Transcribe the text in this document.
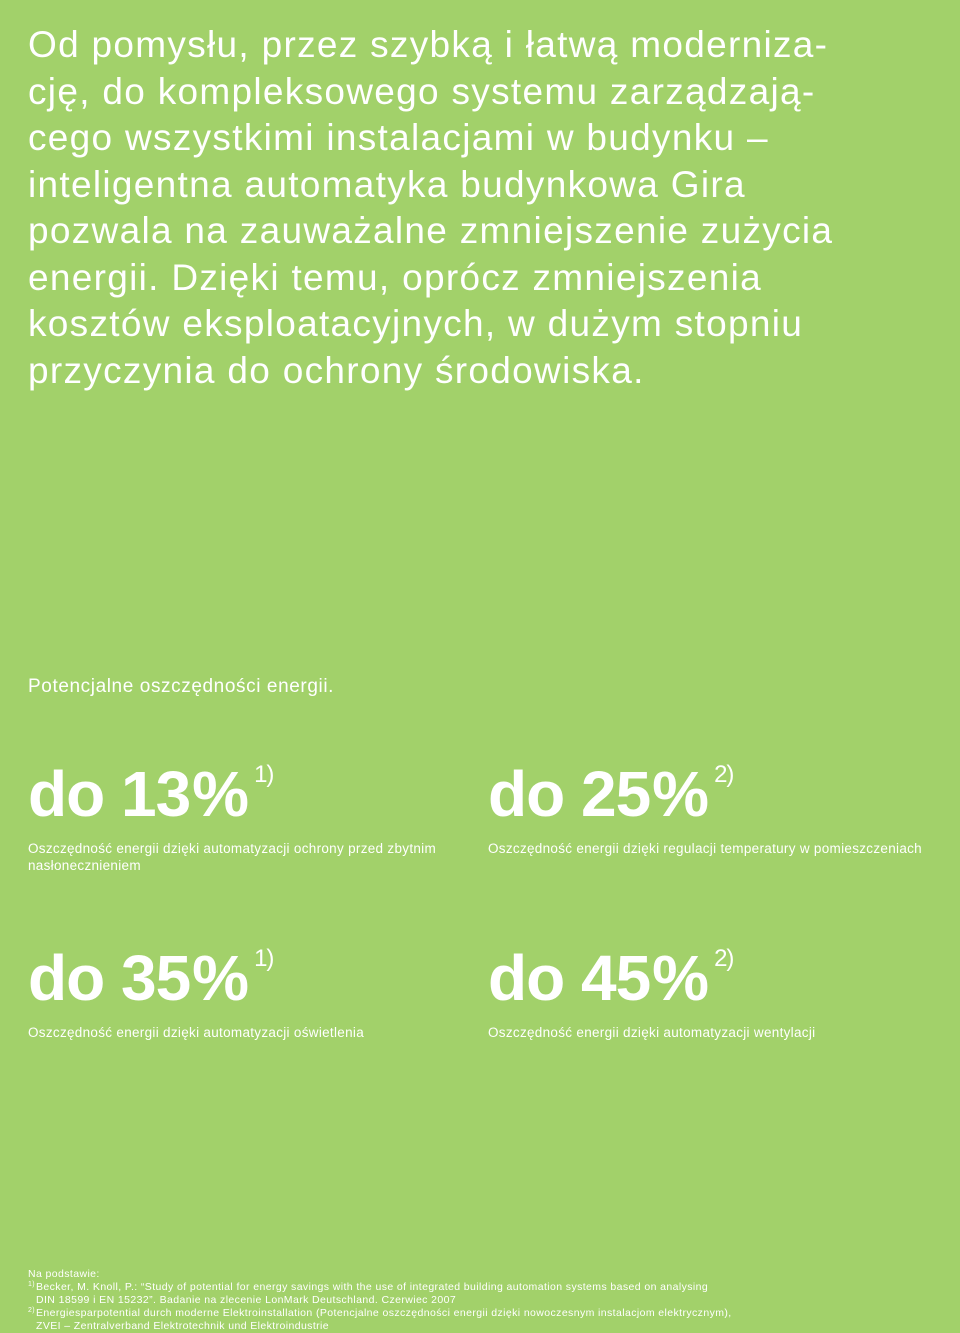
Od pomysłu, przez szybką i łatwą moderniza-
cję, do kompleksowego systemu zarządzają-
cego wszystkimi instalacjami w budynku –
inteligentna automatyka budynkowa Gira
pozwala na zauważalne zmniejszenie zużycia
energii. Dzięki temu, oprócz zmniejszenia
kosztów eksploatacyjnych, w dużym stopniu
przyczynia do ochrony środowiska.
Potencjalne oszczędności energii.
do 13% $^{1)}$
Oszczędność energii dzięki automatyzacji ochrony przed zbytnim nasłonecznieniem
do 25% $^{2)}$
Oszczędność energii dzięki regulacji temperatury w pomieszczeniach
do 35% $^{1)}$
Oszczędność energii dzięki automatyzacji oświetlenia
do 45% $^{2)}$
Oszczędność energii dzięki automatyzacji wentylacji
Na podstawie:
1) Becker, M. Knoll, P.: “Study of potential for energy savings with the use of integrated building automation systems based on analysing
DIN 18599 i EN 15232”. Badanie na zlecenie LonMark Deutschland. Czerwiec 2007
2) Energiesparpotential durch moderne Elektroinstallation (Potencjalne oszczędności energii dzięki nowoczesnym instalacjom elektrycznym),
ZVEI – Zentralverband Elektrotechnik und Elektroindustrie
